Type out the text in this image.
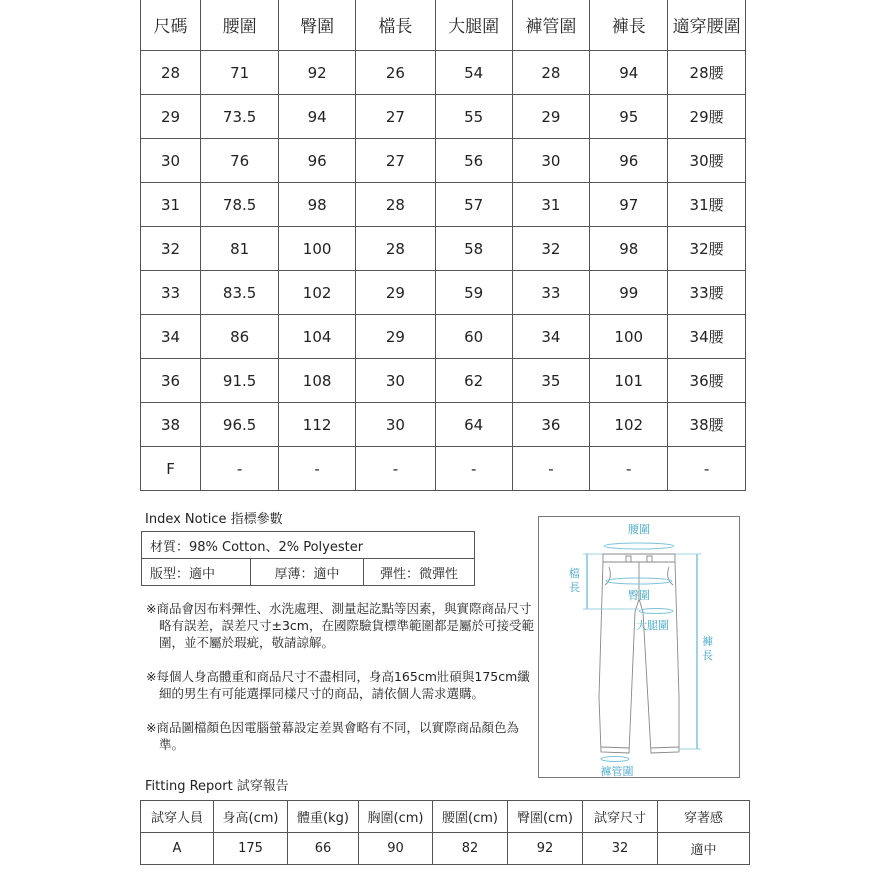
尺碼	腰圍	臀圍	檔長	大腿圍	褲管圍	褲長	適穿腰圍
28	71	92	26	54	28	94	28腰
29	73.5	94	27	55	29	95	29腰
30	76	96	27	56	30	96	30腰
31	78.5	98	28	57	31	97	31腰
32	81	100	28	58	32	98	32腰
33	83.5	102	29	59	33	99	33腰
34	86	104	29	60	34	100	34腰
36	91.5	108	30	62	35	101	36腰
38	96.5	112	30	64	36	102	38腰
F	-	-	-	-	-	-	-
Index Notice 指標參數
材質：98% Cotton、2% Polyester
版型：適中	厚薄：適中	彈性：微彈性
※商品會因布料彈性、水洗處理、測量起訖點等因素，與實際商品尺寸略有誤差，誤差尺寸±3cm，在國際驗貨標準範圍都是屬於可接受範圍，並不屬於瑕疵，敬請諒解。
※每個人身高體重和商品尺寸不盡相同，身高165cm壯碩與175cm纖細的男生有可能選擇同樣尺寸的商品，請依個人需求選購。
※商品圖檔顏色因電腦螢幕設定差異會略有不同，以實際商品顏色為準。
腰圍
臀圍
檔
長
大腿圍
褲
長
褲管圍
Fitting Report 試穿報告
試穿人員	身高(cm)	體重(kg)	胸圍(cm)	腰圍(cm)	臀圍(cm)	試穿尺寸	穿著感
A	175	66	90	82	92	32	適中
